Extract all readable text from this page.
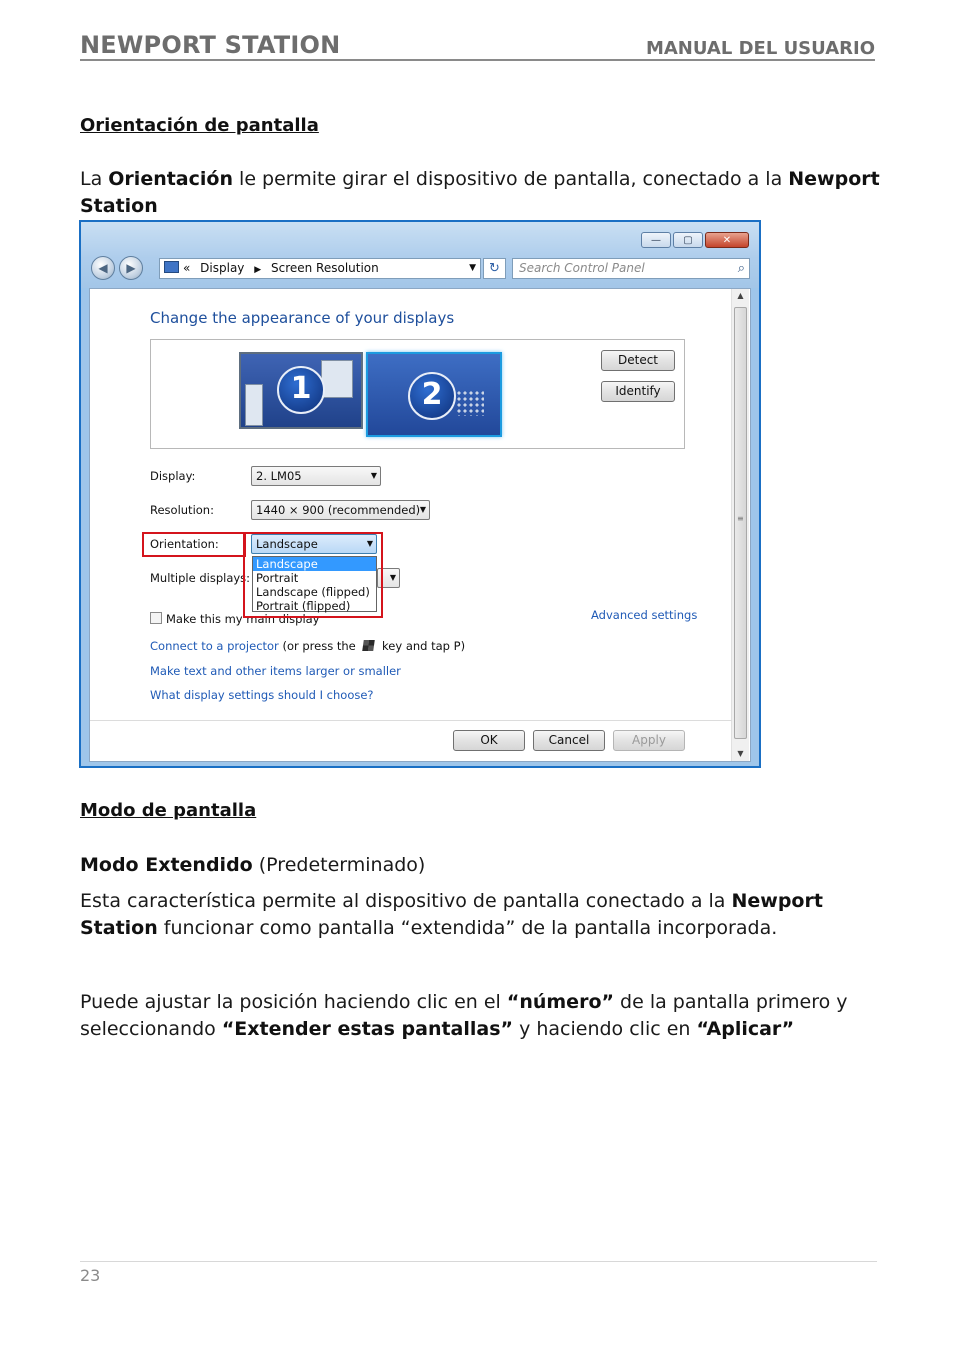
NEWPORT STATION	MANUAL DEL USUARIO
Orientación de pantalla
La Orientación le permite girar el dispositivo de pantalla, conectado a la Newport Station
—	▢	✕
◀ ▶	« Display ▶ Screen Resolution	▼	↻	Search Control Panel	⌕
▲
≡
▼
Change the appearance of your displays
1	2
Detect
Identify
Display:	2. LM05	▼
Resolution:	1440 × 900 (recommended) ▼
Orientation:	Landscape	▼
Multiple displays:	▼
Make this my main display	Advanced settings
Landscape
Portrait
Landscape (flipped)
Portrait (flipped)
Connect to a projector (or press the  key and tap P)
Make text and other items larger or smaller
What display settings should I choose?
OK	Cancel	Apply
Modo de pantalla
Modo Extendido (Predeterminado)
Esta característica permite al dispositivo de pantalla conectado a la Newport Station funcionar como pantalla “extendida” de la pantalla incorporada.
Puede ajustar la posición haciendo clic en el “número” de la pantalla primero y seleccionando “Extender estas pantallas” y haciendo clic en “Aplicar”
23
